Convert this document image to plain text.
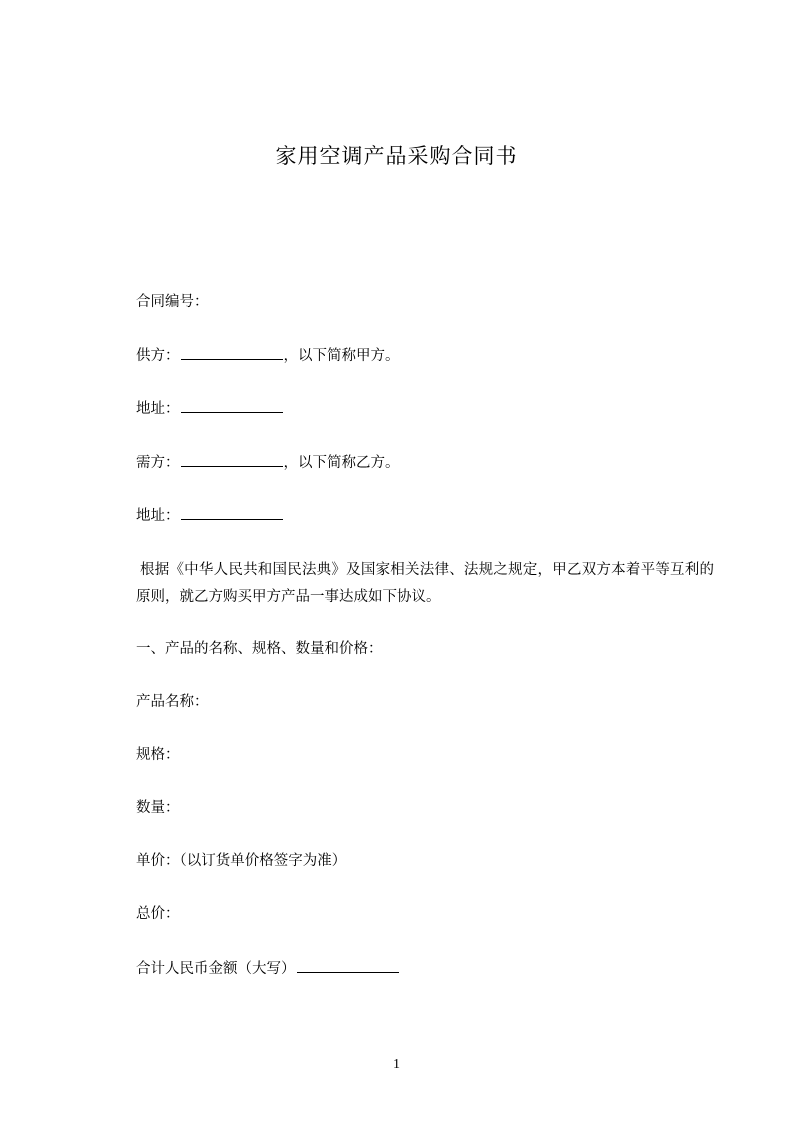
家用空调产品采购合同书
合同编号：
供方：	，以下简称甲方。
地址：
需方：	，以下简称乙方。
地址：
根据《中华人民共和国民法典》及国家相关法律、法规之规定，甲乙双方本着平等互利的原则，就乙方购买甲方产品一事达成如下协议。
一、产品的名称、规格、数量和价格：
产品名称：
规格：
数量：
单价：（以订货单价格签字为准）
总价：
合计人民币金额（大写）
1
